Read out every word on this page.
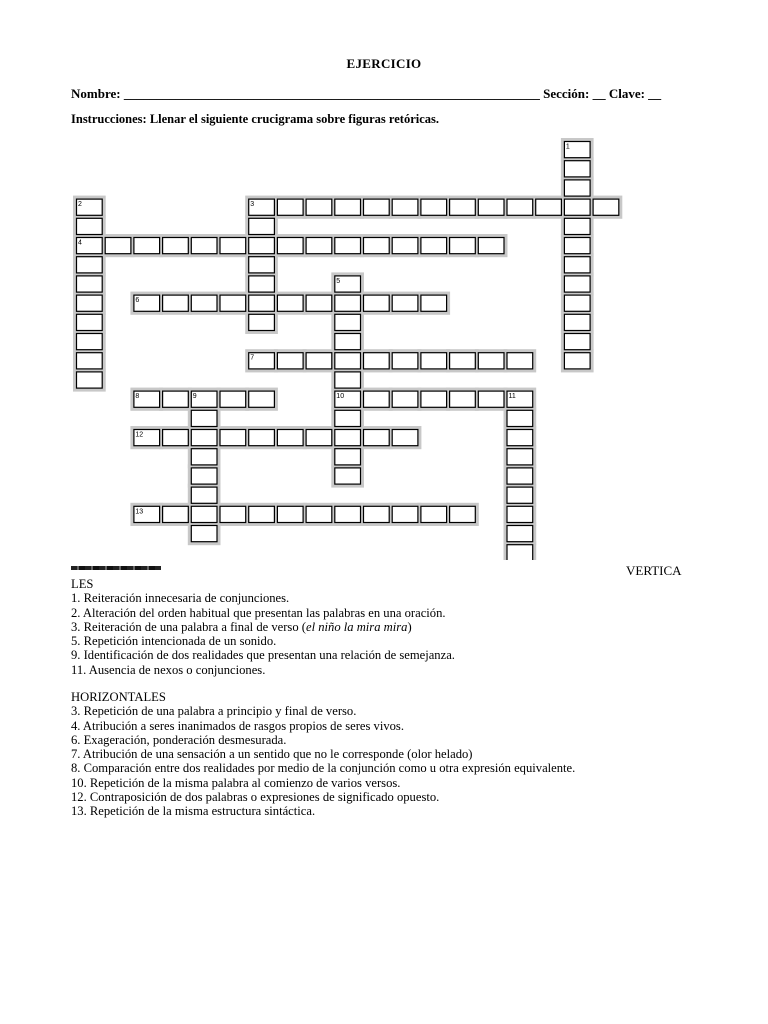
EJERCICIO
Nombre: ________________________________________________________________ Sección: __ Clave: __
Instrucciones: Llenar el siguiente crucigrama sobre figuras retóricas.
1
2	3
4
5
6
7
8	9	10	11
12
13
VERTICA
LES
1. Reiteración innecesaria de conjunciones.
2. Alteración del orden habitual que presentan las palabras en una oración.
3. Reiteración de una palabra a final de verso (el niño la mira mira)
5. Repetición intencionada de un sonido.
9. Identificación de dos realidades que presentan una relación de semejanza.
11. Ausencia de nexos o conjunciones.
HORIZONTALES
3. Repetición de una palabra a principio y final de verso.
4. Atribución a seres inanimados de rasgos propios de seres vivos.
6. Exageración, ponderación desmesurada.
7. Atribución de una sensación a un sentido que no le corresponde (olor helado)
8. Comparación entre dos realidades por medio de la conjunción como u otra expresión equivalente.
10. Repetición de la misma palabra al comienzo de varios versos.
12. Contraposición de dos palabras o expresiones de significado opuesto.
13. Repetición de la misma estructura sintáctica.
